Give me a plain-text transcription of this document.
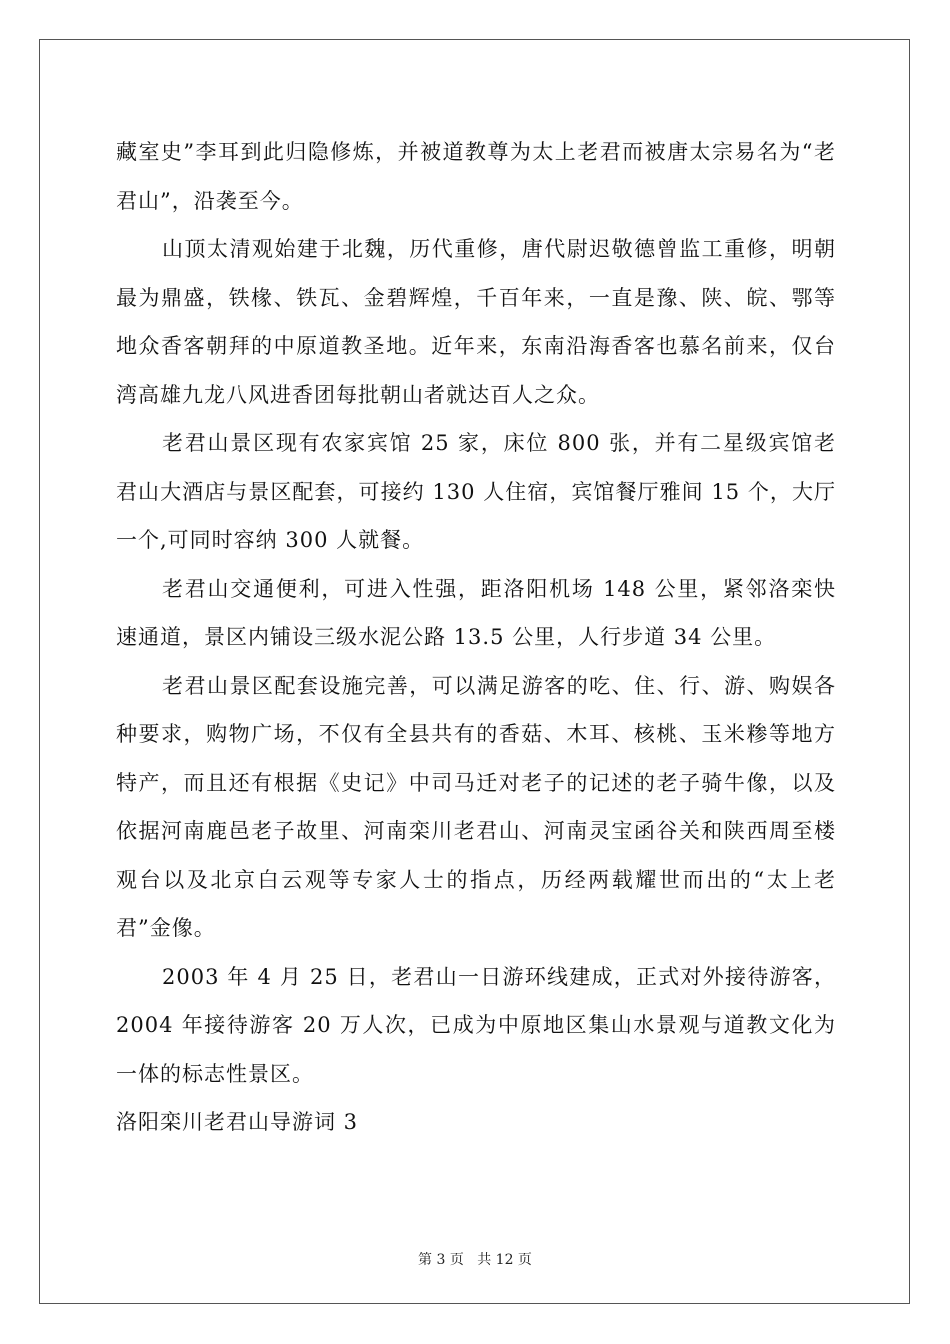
藏室史”李耳到此归隐修炼，并被道教尊为太上老君而被唐太宗易名为“老君山”，沿袭至今。

山顶太清观始建于北魏，历代重修，唐代尉迟敬德曾监工重修，明朝最为鼎盛，铁椽、铁瓦、金碧辉煌，千百年来，一直是豫、陕、皖、鄂等地众香客朝拜的中原道教圣地。近年来，东南沿海香客也慕名前来，仅台湾高雄九龙八风进香团每批朝山者就达百人之众。

老君山景区现有农家宾馆 25 家，床位 800 张，并有二星级宾馆老君山大酒店与景区配套，可接约 130 人住宿，宾馆餐厅雅间 15 个，大厅一个,可同时容纳 300 人就餐。

老君山交通便利，可进入性强，距洛阳机场 148 公里，紧邻洛栾快速通道，景区内铺设三级水泥公路 13.5 公里，人行步道 34 公里。

老君山景区配套设施完善，可以满足游客的吃、住、行、游、购娱各种要求，购物广场，不仅有全县共有的香菇、木耳、核桃、玉米糁等地方特产，而且还有根据《史记》中司马迁对老子的记述的老子骑牛像，以及依据河南鹿邑老子故里、河南栾川老君山、河南灵宝函谷关和陕西周至楼观台以及北京白云观等专家人士的指点，历经两载耀世而出的“太上老君”金像。

2003 年 4 月 25 日，老君山一日游环线建成，正式对外接待游客，2004 年接待游客 20 万人次，已成为中原地区集山水景观与道教文化为一体的标志性景区。

洛阳栾川老君山导游词 3

第 3 页 共 12 页
